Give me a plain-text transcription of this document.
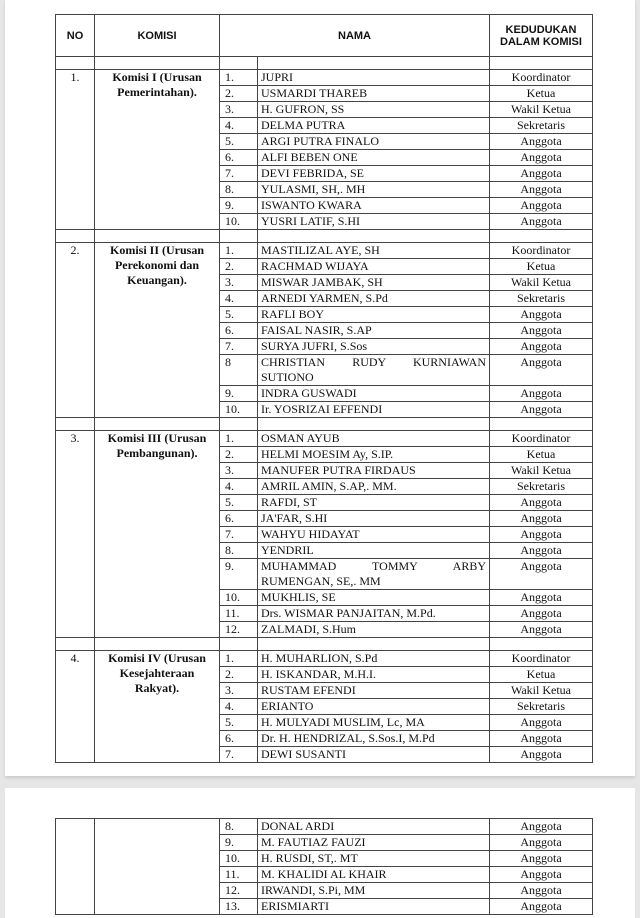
NO	KOMISI	NAMA		KEDUDUKAN DALAM KOMISI

1.	Komisi I (Urusan Pemerintahan).	1.	JUPRI	Koordinator
		2.	USMARDI THAREB	Ketua
		3.	H. GUFRON, SS	Wakil Ketua
		4.	DELMA PUTRA	Sekretaris
		5.	ARGI PUTRA FINALO	Anggota
		6.	ALFI BEBEN ONE	Anggota
		7.	DEVI FEBRIDA, SE	Anggota
		8.	YULASMI, SH,. MH	Anggota
		9.	ISWANTO KWARA	Anggota
		10.	YUSRI LATIF, S.HI	Anggota

2.	Komisi II (Urusan Perekonomi dan Keuangan).	1.	MASTILIZAL AYE, SH	Koordinator
		2.	RACHMAD WIJAYA	Ketua
		3.	MISWAR JAMBAK, SH	Wakil Ketua
		4.	ARNEDI YARMEN, S.Pd	Sekretaris
		5.	RAFLI BOY	Anggota
		6.	FAISAL NASIR, S.AP	Anggota
		7.	SURYA JUFRI, S.Sos	Anggota
		8	CHRISTIAN RUDY KURNIAWAN SUTIONO	Anggota
		9.	INDRA GUSWADI	Anggota
		10.	Ir. YOSRIZAI EFFENDI	Anggota

3.	Komisi III (Urusan Pembangunan).	1.	OSMAN AYUB	Koordinator
		2.	HELMI MOESIM Ay, S.IP.	Ketua
		3.	MANUFER PUTRA FIRDAUS	Wakil Ketua
		4.	AMRIL AMIN, S.AP,. MM.	Sekretaris
		5.	RAFDI, ST	Anggota
		6.	JA'FAR, S.HI	Anggota
		7.	WAHYU HIDAYAT	Anggota
		8.	YENDRIL	Anggota
		9.	MUHAMMAD TOMMY ARBY RUMENGAN, SE,. MM	Anggota
		10.	MUKHLIS, SE	Anggota
		11.	Drs. WISMAR PANJAITAN, M.Pd.	Anggota
		12.	ZALMADI, S.Hum	Anggota

4.	Komisi IV (Urusan Kesejahteraan Rakyat).	1.	H. MUHARLION, S.Pd	Koordinator
		2.	H. ISKANDAR, M.H.I.	Ketua
		3.	RUSTAM EFENDI	Wakil Ketua
		4.	ERIANTO	Sekretaris
		5.	H. MULYADI MUSLIM, Lc, MA	Anggota
		6.	Dr. H. HENDRIZAL, S.Sos.I, M.Pd	Anggota
		7.	DEWI SUSANTI	Anggota
		8.	DONAL ARDI	Anggota
		9.	M. FAUTIAZ FAUZI	Anggota
		10.	H. RUSDI, ST,. MT	Anggota
		11.	M. KHALIDI AL KHAIR	Anggota
		12.	IRWANDI, S.Pi, MM	Anggota
		13.	ERISMIARTI	Anggota
